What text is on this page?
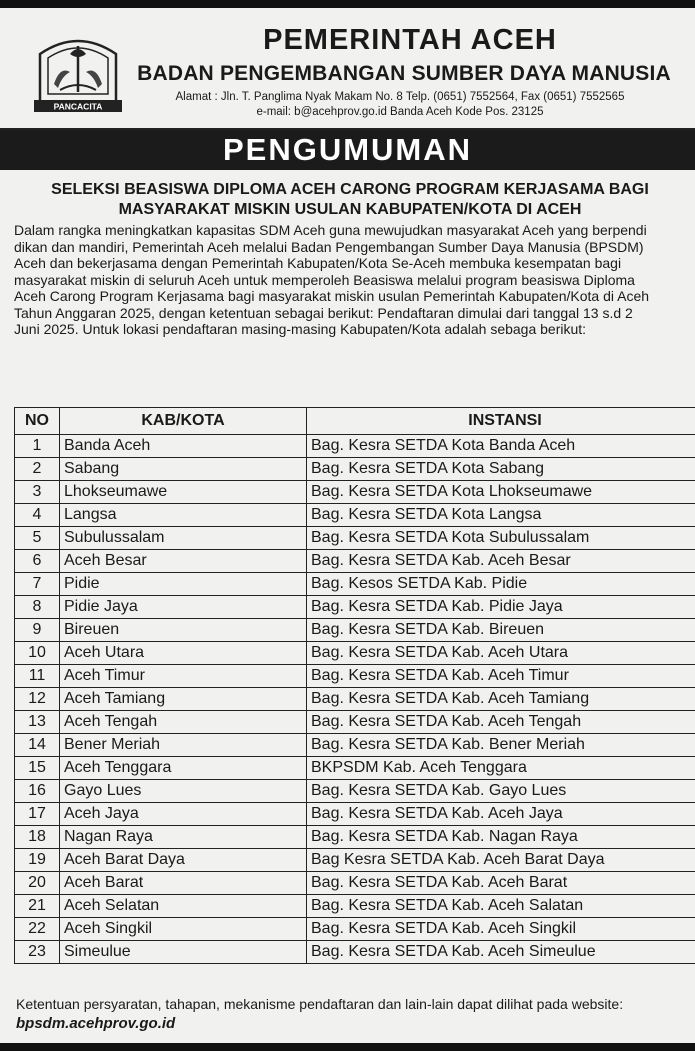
PANCACITA
PEMERINTAH ACEH
BADAN PENGEMBANGAN SUMBER DAYA MANUSIA
Alamat : Jln. T. Panglima Nyak Makam No. 8 Telp. (0651) 7552564, Fax (0651) 7552565
e-mail: b@acehprov.go.id Banda Aceh Kode Pos. 23125
PENGUMUMAN
SELEKSI BEASISWA DIPLOMA ACEH CARONG PROGRAM KERJASAMA BAGI
MASYARAKAT MISKIN USULAN KABUPATEN/KOTA DI ACEH
Dalam rangka meningkatkan kapasitas SDM Aceh guna mewujudkan masyarakat Aceh yang berpendi
dikan dan mandiri, Pemerintah Aceh melalui Badan Pengembangan Sumber Daya Manusia (BPSDM)
Aceh dan bekerjasama dengan Pemerintah Kabupaten/Kota Se-Aceh membuka kesempatan bagi
masyarakat miskin di seluruh Aceh untuk memperoleh Beasiswa melalui program beasiswa Diploma
Aceh Carong Program Kerjasama bagi masyarakat miskin usulan Pemerintah Kabupaten/Kota di Aceh
Tahun Anggaran 2025, dengan ketentuan sebagai berikut: Pendaftaran dimulai dari tanggal 13 s.d 2
Juni 2025. Untuk lokasi pendaftaran masing-masing Kabupaten/Kota adalah sebaga berikut:
NO	KAB/KOTA	INSTANSI
1	Banda Aceh	Bag. Kesra SETDA Kota Banda Aceh
2	Sabang	Bag. Kesra SETDA Kota Sabang
3	Lhokseumawe	Bag. Kesra SETDA Kota Lhokseumawe
4	Langsa	Bag. Kesra SETDA Kota Langsa
5	Subulussalam	Bag. Kesra SETDA Kota Subulussalam
6	Aceh Besar	Bag. Kesra SETDA Kab. Aceh Besar
7	Pidie	Bag. Kesos SETDA Kab. Pidie
8	Pidie Jaya	Bag. Kesra SETDA Kab. Pidie Jaya
9	Bireuen	Bag. Kesra SETDA Kab. Bireuen
10	Aceh Utara	Bag. Kesra SETDA Kab. Aceh Utara
11	Aceh Timur	Bag. Kesra SETDA Kab. Aceh Timur
12	Aceh Tamiang	Bag. Kesra SETDA Kab. Aceh Tamiang
13	Aceh Tengah	Bag. Kesra SETDA Kab. Aceh Tengah
14	Bener Meriah	Bag. Kesra SETDA Kab. Bener Meriah
15	Aceh Tenggara	BKPSDM Kab. Aceh Tenggara
16	Gayo Lues	Bag. Kesra SETDA Kab. Gayo Lues
17	Aceh Jaya	Bag. Kesra SETDA Kab. Aceh Jaya
18	Nagan Raya	Bag. Kesra SETDA Kab. Nagan Raya
19	Aceh Barat Daya	Bag Kesra SETDA Kab. Aceh Barat Daya
20	Aceh Barat	Bag. Kesra SETDA Kab. Aceh Barat
21	Aceh Selatan	Bag. Kesra SETDA Kab. Aceh Salatan
22	Aceh Singkil	Bag. Kesra SETDA Kab. Aceh Singkil
23	Simeulue	Bag. Kesra SETDA Kab. Aceh Simeulue
Ketentuan persyaratan, tahapan, mekanisme pendaftaran dan lain-lain dapat dilihat pada website:
bpsdm.acehprov.go.id
